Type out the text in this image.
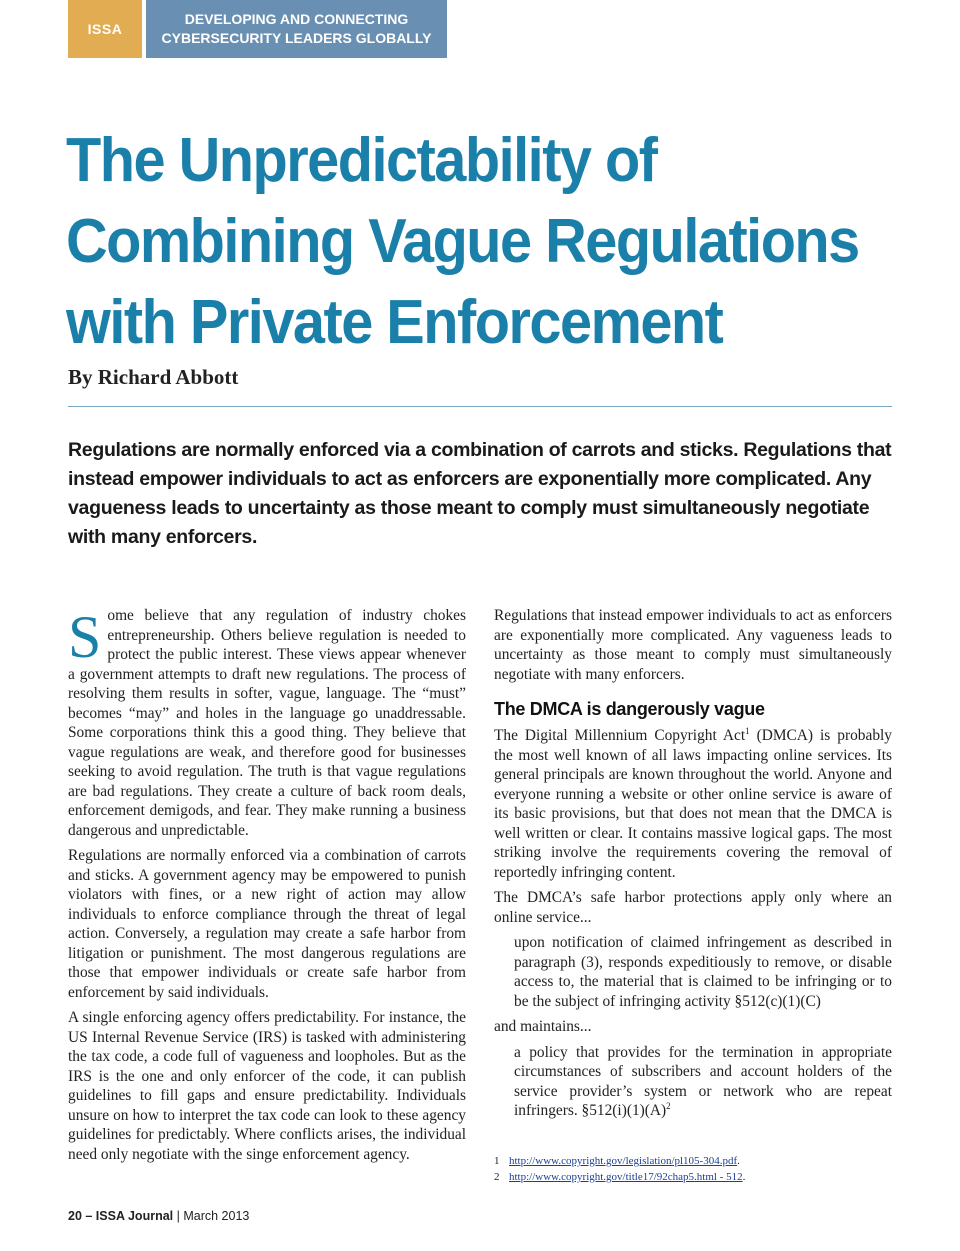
ISSA
DEVELOPING AND CONNECTING
CYBERSECURITY LEADERS GLOBALLY
The Unpredictability of
Combining Vague Regulations
with Private Enforcement
By Richard Abbott

Regulations are normally enforced via a combination of carrots and sticks. Regulations that instead empower individuals to act as enforcers are exponentially more complicated. Any vagueness leads to uncertainty as those meant to comply must simultaneously negotiate with many enforcers.

Some believe that any regulation of industry chokes entrepreneurship. Others believe regulation is needed to protect the public interest. These views appear whenever a government attempts to draft new regulations. The process of resolving them results in softer, vague, language. The “must” becomes “may” and holes in the language go unaddressable. Some corporations think this a good thing. They believe that vague regulations are weak, and therefore good for businesses seeking to avoid regulation. The truth is that vague regulations are bad regulations. They create a culture of back room deals, enforcement demigods, and fear. They make running a business dangerous and unpredictable.

Regulations are normally enforced via a combination of carrots and sticks. A government agency may be empowered to punish violators with fines, or a new right of action may allow individuals to enforce compliance through the threat of legal action. Conversely, a regulation may create a safe harbor from litigation or punishment. The most dangerous regulations are those that empower individuals or create safe harbor from enforcement by said individuals.

A single enforcing agency offers predictability. For instance, the US Internal Revenue Service (IRS) is tasked with administering the tax code, a code full of vagueness and loopholes. But as the IRS is the one and only enforcer of the code, it can publish guidelines to fill gaps and ensure predictability. Individuals unsure on how to interpret the tax code can look to these agency guidelines for predictably. Where conflicts arises, the individual need only negotiate with the singe enforcement agency.

Regulations that instead empower individuals to act as enforcers are exponentially more complicated. Any vagueness leads to uncertainty as those meant to comply must simultaneously negotiate with many enforcers.

The DMCA is dangerously vague

The Digital Millennium Copyright Act$^1$ (DMCA) is probably the most well known of all laws impacting online services. Its general principals are known throughout the world. Anyone and everyone running a website or other online service is aware of its basic provisions, but that does not mean that the DMCA is well written or clear. It contains massive logical gaps. The most striking involve the requirements covering the removal of reportedly infringing content.

The DMCA’s safe harbor protections apply only where an online service...

upon notification of claimed infringement as described in paragraph (3), responds expeditiously to remove, or disable access to, the material that is claimed to be infringing or to be the subject of infringing activity §512(c)(1)(C)

and maintains...

a policy that provides for the termination in appropriate circumstances of subscribers and account holders of the service provider’s system or network who are repeat infringers. $\S 512(i)(1)(A)^2$

1 http://www.copyright.gov/legislation/pl105-304.pdf.
2 http://www.copyright.gov/title17/92chap5.html - 512.
20 – ISSA Journal | March 2013
